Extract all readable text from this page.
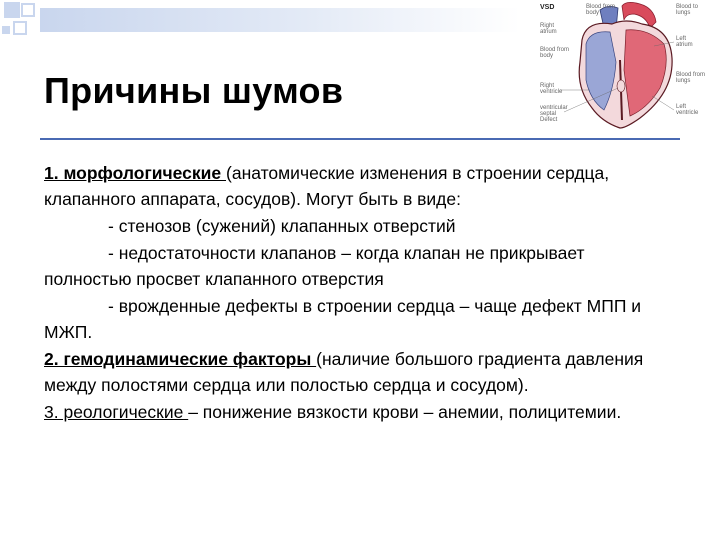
Причины шумов
VSD
Right
atrium
Blood from
body
Right
ventricle
ventricular
septal
Defect
Blood from
body
Blood to
lungs
Left
atrium
Blood from
lungs
Left
ventricle

1. морфологические (анатомические изменения в строении сердца, клапанного аппарата, сосудов). Могут быть в виде:

- стенозов (сужений) клапанных отверстий

- недостаточности клапанов – когда клапан не прикрывает полностью просвет клапанного отверстия

- врожденные дефекты в строении сердца – чаще дефект МПП и МЖП.

2. гемодинамические факторы (наличие большого градиента давления между полостями сердца или полостью сердца и сосудом).

3. реологические – понижение вязкости крови – анемии, полицитемии.
